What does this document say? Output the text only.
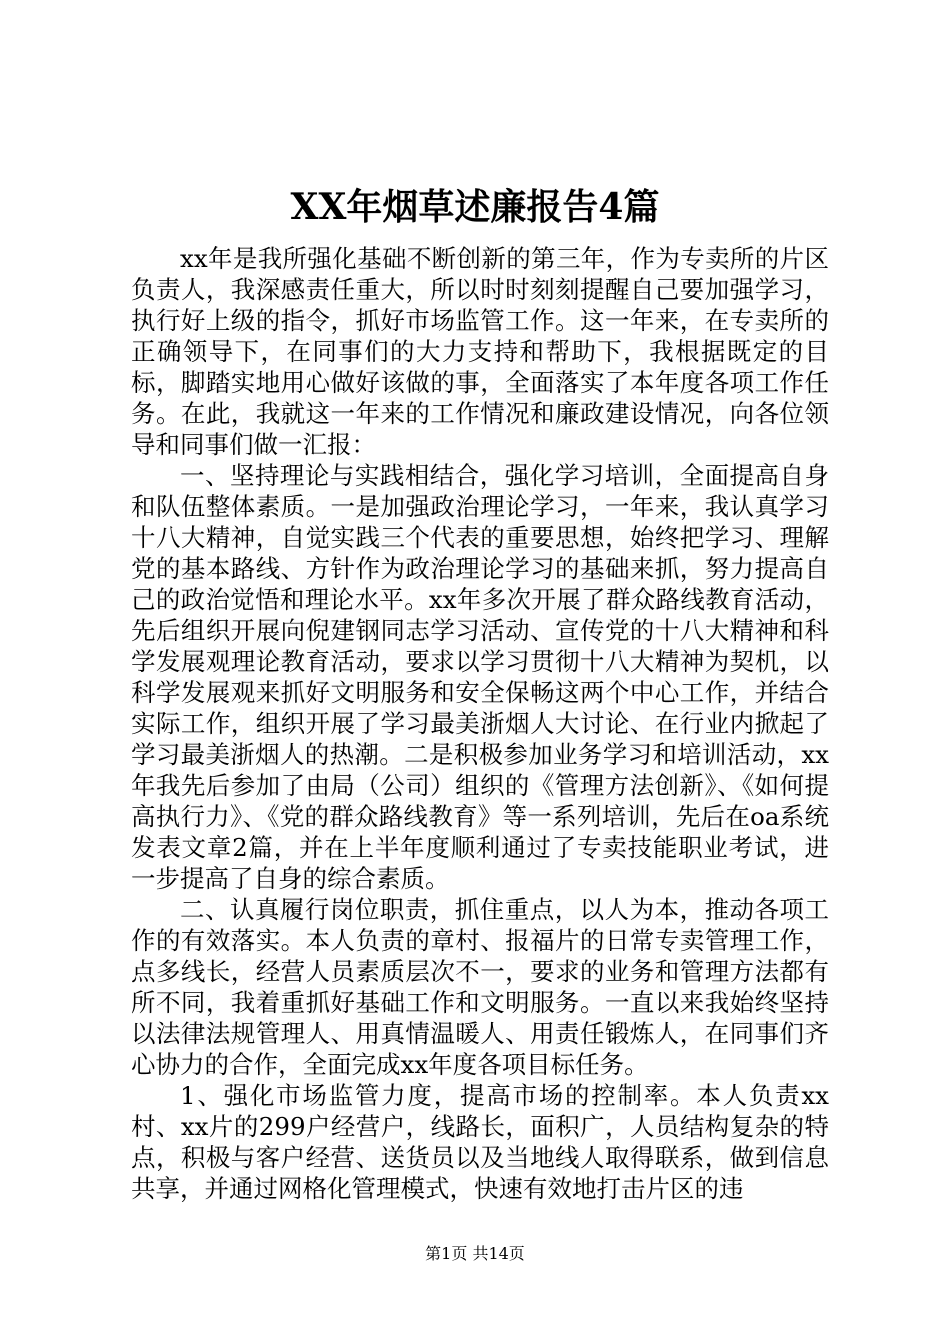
XX年烟草述廉报告4篇

xx年是我所强化基础不断创新的第三年，作为专卖所的片区负责人，我深感责任重大，所以时时刻刻提醒自己要加强学习，执行好上级的指令，抓好市场监管工作。这一年来，在专卖所的正确领导下，在同事们的大力支持和帮助下，我根据既定的目标，脚踏实地用心做好该做的事，全面落实了本年度各项工作任务。在此，我就这一年来的工作情况和廉政建设情况，向各位领导和同事们做一汇报：

一、坚持理论与实践相结合，强化学习培训，全面提高自身和队伍整体素质。一是加强政治理论学习，一年来，我认真学习十八大精神，自觉实践三个代表的重要思想，始终把学习、理解党的基本路线、方针作为政治理论学习的基础来抓，努力提高自己的政治觉悟和理论水平。xx年多次开展了群众路线教育活动，先后组织开展向倪建钢同志学习活动、宣传党的十八大精神和科学发展观理论教育活动，要求以学习贯彻十八大精神为契机，以科学发展观来抓好文明服务和安全保畅这两个中心工作，并结合实际工作，组织开展了学习最美浙烟人大讨论、在行业内掀起了学习最美浙烟人的热潮。二是积极参加业务学习和培训活动，xx年我先后参加了由局（公司）组织的《管理方法创新》、《如何提高执行力》、《党的群众路线教育》等一系列培训，先后在oa系统发表文章2篇，并在上半年度顺利通过了专卖技能职业考试，进一步提高了自身的综合素质。

二、认真履行岗位职责，抓住重点，以人为本，推动各项工作的有效落实。本人负责的章村、报福片的日常专卖管理工作，点多线长，经营人员素质层次不一，要求的业务和管理方法都有所不同，我着重抓好基础工作和文明服务。一直以来我始终坚持以法律法规管理人、用真情温暖人、用责任锻炼人，在同事们齐心协力的合作，全面完成xx年度各项目标任务。

1、强化市场监管力度，提高市场的控制率。本人负责xx村、xx片的299户经营户，线路长，面积广，人员结构复杂的特点，积极与客户经营、送货员以及当地线人取得联系，做到信息共享，并通过网格化管理模式，快速有效地打击片区的违

第1页 共14页
